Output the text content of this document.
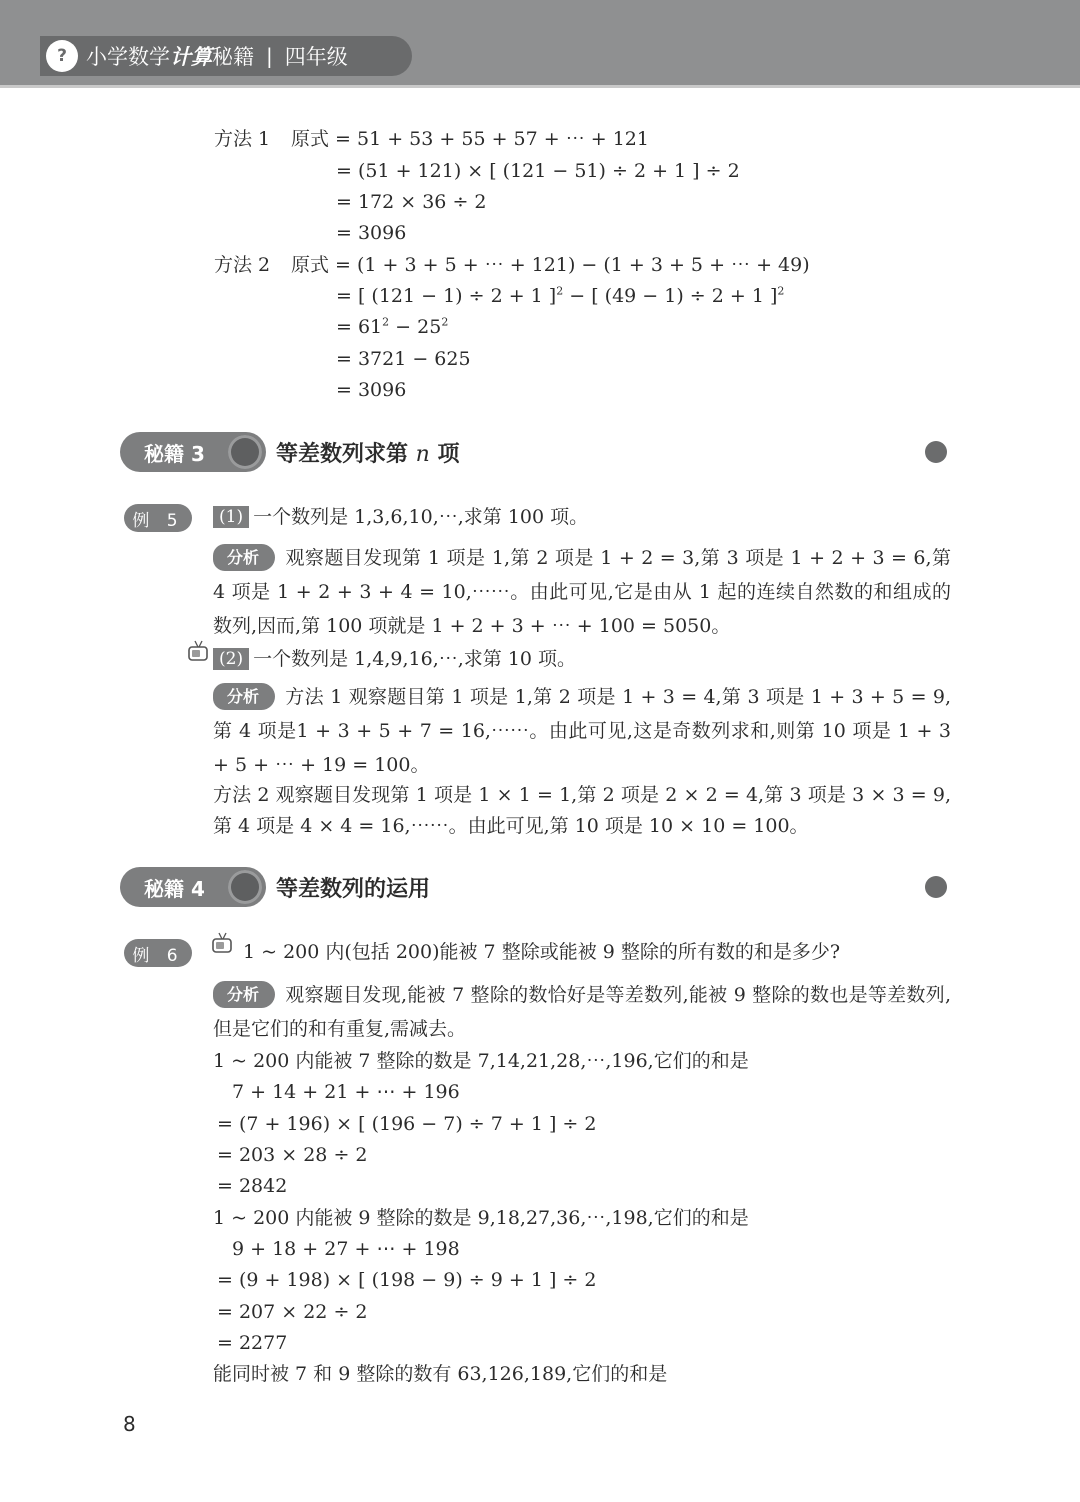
? 小学数学计算秘籍 | 四年级
方法 1 原式 = 51 + 53 + 55 + 57 + ⋯ + 121
= (51 + 121) × [ (121 − 51) ÷ 2 + 1 ] ÷ 2
= 172 × 36 ÷ 2
= 3096
方法 2 原式 = (1 + 3 + 5 + ⋯ + 121) − (1 + 3 + 5 + ⋯ + 49)
= [ (121 − 1) ÷ 2 + 1 ]$^2$ − [ (49 − 1) ÷ 2 + 1 ]$^2$
= $61^2 - 25^2$
= 3721 − 625
= 3096
秘籍 3	等差数列求第 n 项
例 5	(1) 一个数列是 1,3,6,10,⋯,求第 100 项。
分析 观察题目发现第 1 项是 1,第 2 项是 1 + 2 = 3,第 3 项是 1 + 2 + 3 = 6,第 4 项是 1 + 2 + 3 + 4 = 10,⋯⋯。由此可见,它是由从 1 起的连续自然数的和组成的数列,因而,第 100 项就是 1 + 2 + 3 + ⋯ + 100 = 5050。
(2) 一个数列是 1,4,9,16,⋯,求第 10 项。
分析 方法 1 观察题目第 1 项是 1,第 2 项是 1 + 3 = 4,第 3 项是 1 + 3 + 5 = 9,第 4 项是1 + 3 + 5 + 7 = 16,⋯⋯。由此可见,这是奇数列求和,则第 10 项是 1 + 3 + 5 + ⋯ + 19 = 100。
方法 2 观察题目发现第 1 项是 1 × 1 = 1,第 2 项是 2 × 2 = 4,第 3 项是 3 × 3 = 9,第 4 项是 4 × 4 = 16,⋯⋯。由此可见,第 10 项是 10 × 10 = 100。
秘籍 4	等差数列的运用
例 6	1 ~ 200 内(包括 200)能被 7 整除或能被 9 整除的所有数的和是多少?
分析 观察题目发现,能被 7 整除的数恰好是等差数列,能被 9 整除的数也是等差数列,但是它们的和有重复,需减去。
1 ~ 200 内能被 7 整除的数是 7,14,21,28,⋯,196,它们的和是
7 + 14 + 21 + ⋯ + 196
= (7 + 196) × [ (196 − 7) ÷ 7 + 1 ] ÷ 2
= 203 × 28 ÷ 2
= 2842
1 ~ 200 内能被 9 整除的数是 9,18,27,36,⋯,198,它们的和是
9 + 18 + 27 + ⋯ + 198
= (9 + 198) × [ (198 − 9) ÷ 9 + 1 ] ÷ 2
= 207 × 22 ÷ 2
= 2277
能同时被 7 和 9 整除的数有 63,126,189,它们的和是
8
